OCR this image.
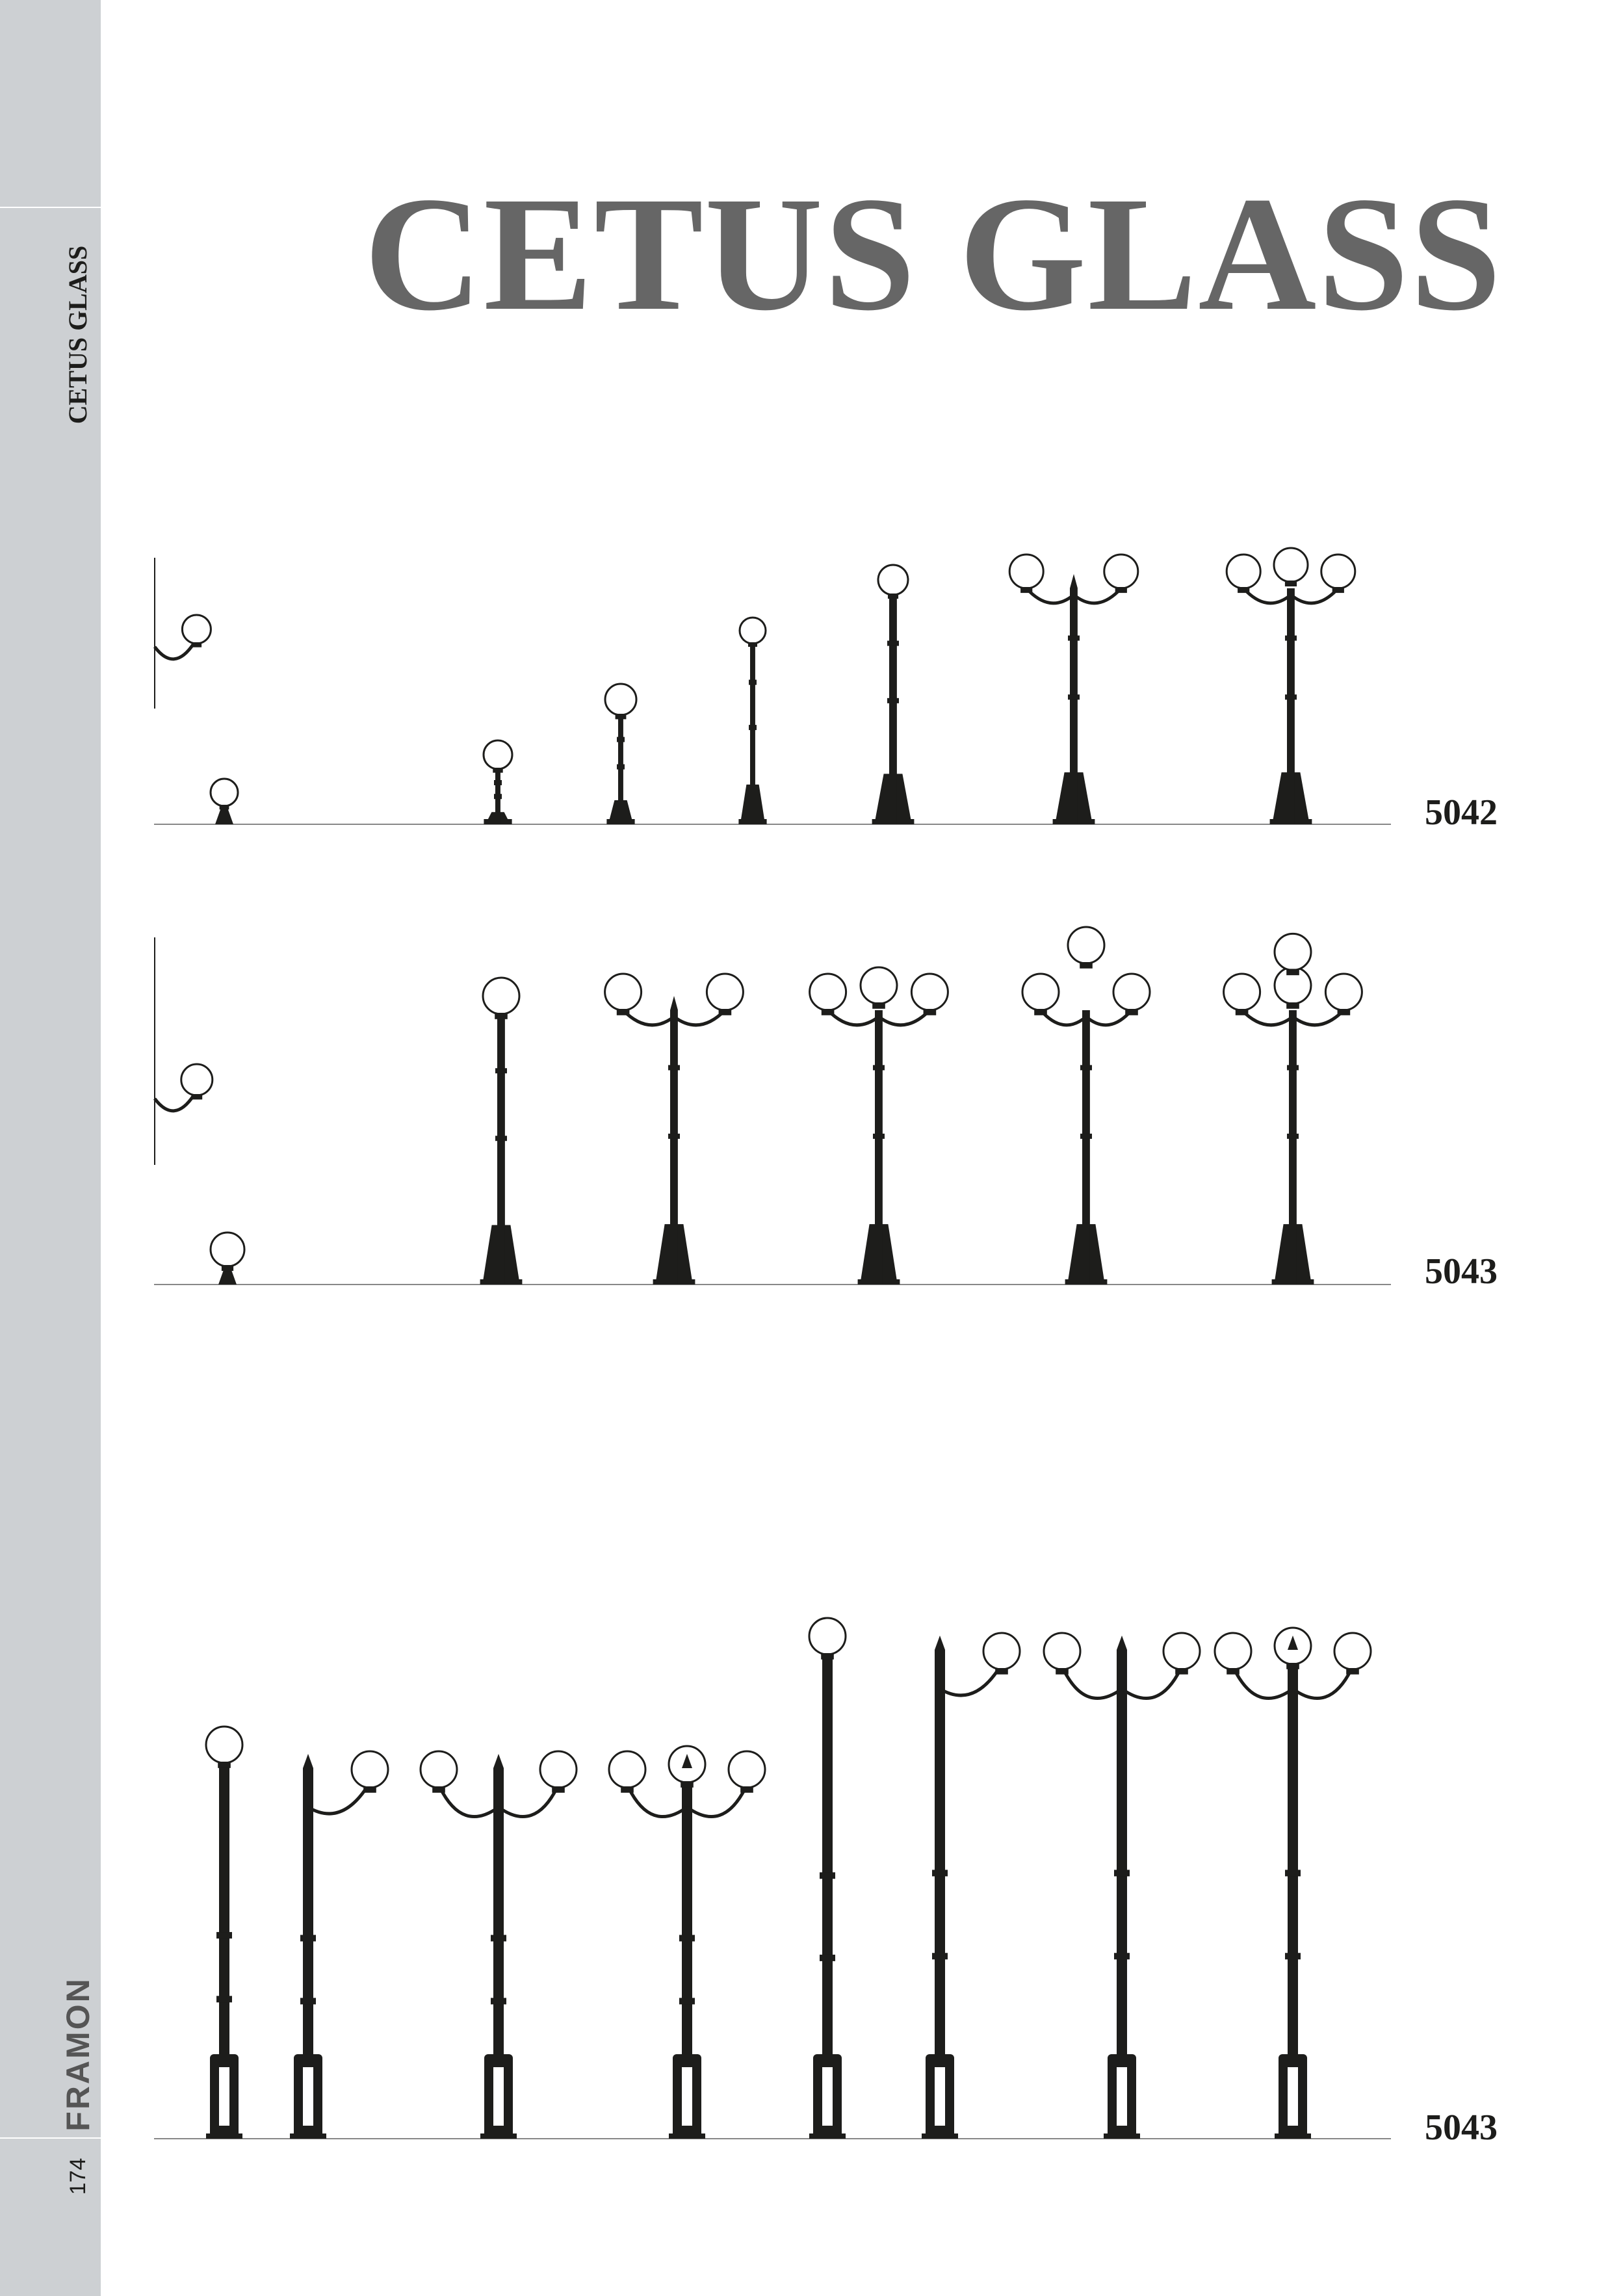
CETUS GLASS
FRAMON
174
CETUS GLASS
5042
5043
5043
